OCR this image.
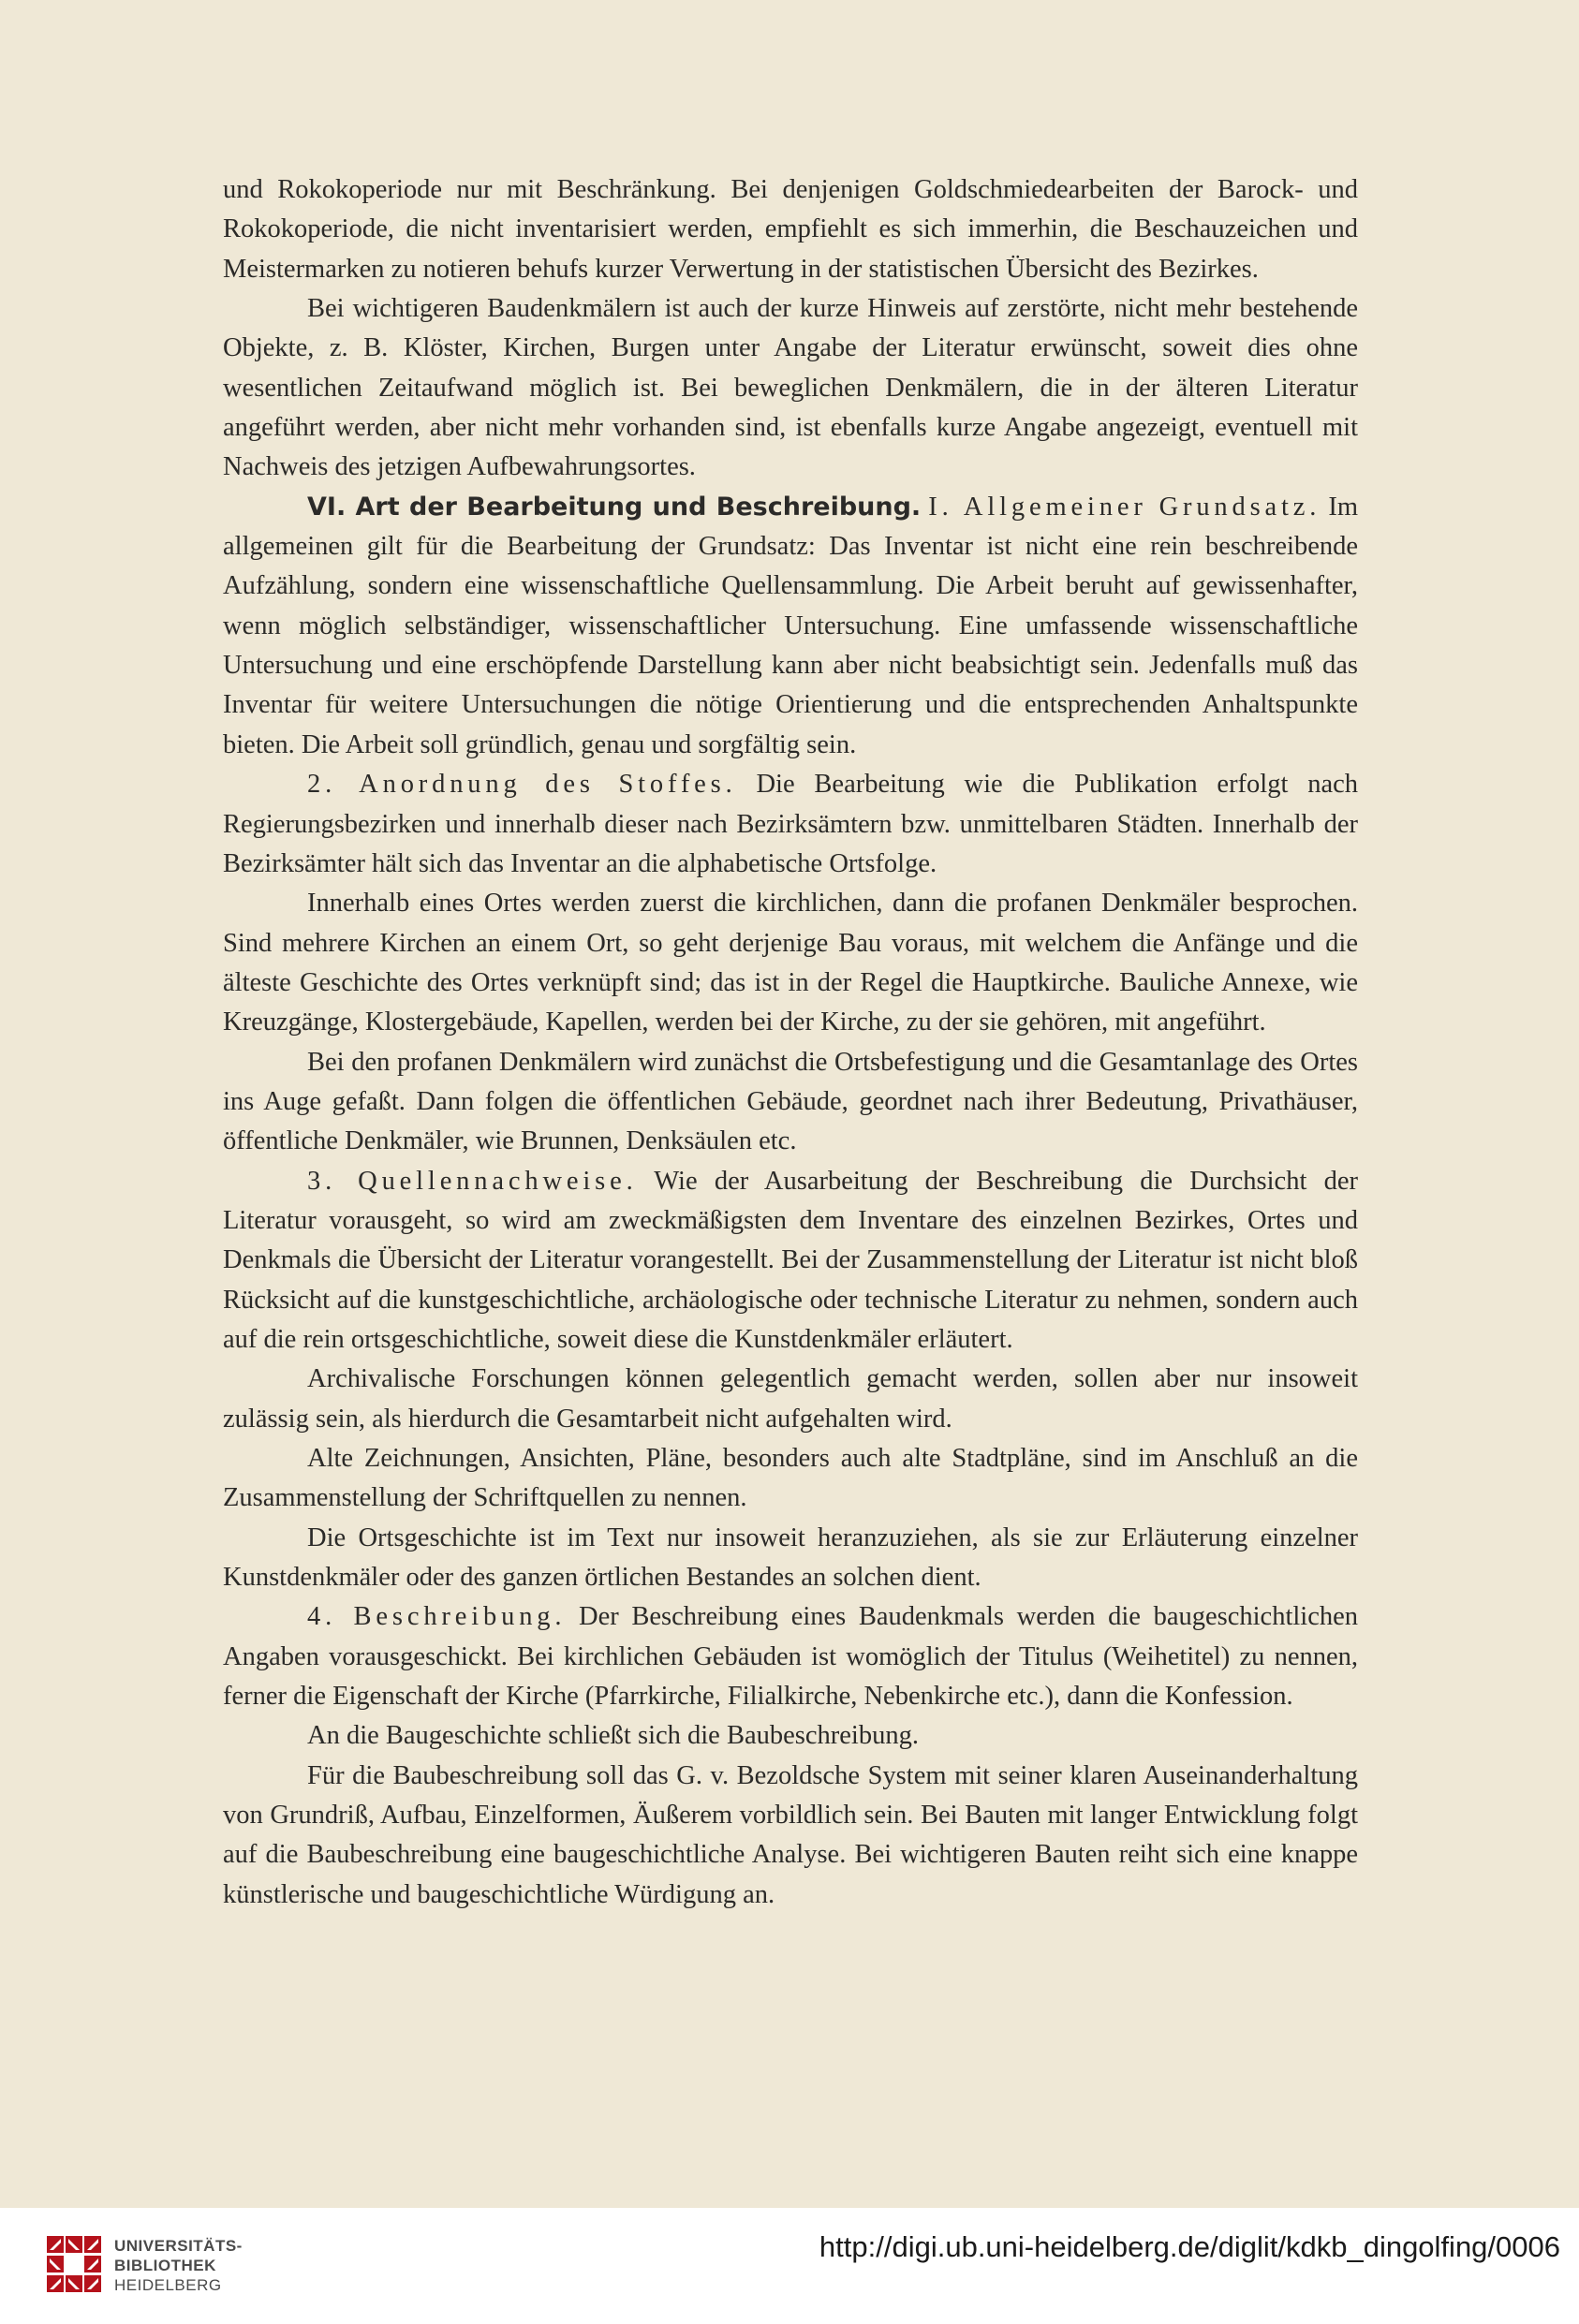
und Rokokoperiode nur mit Beschränkung. Bei denjenigen Goldschmiedearbeiten der Barock- und Rokokoperiode, die nicht inventarisiert werden, empfiehlt es sich immerhin, die Beschauzeichen und Meistermarken zu notieren behufs kurzer Verwertung in der statistischen Übersicht des Bezirkes.

Bei wichtigeren Baudenkmälern ist auch der kurze Hinweis auf zerstörte, nicht mehr bestehende Objekte, z. B. Klöster, Kirchen, Burgen unter Angabe der Literatur erwünscht, soweit dies ohne wesentlichen Zeitaufwand möglich ist. Bei beweglichen Denkmälern, die in der älteren Literatur angeführt werden, aber nicht mehr vorhanden sind, ist ebenfalls kurze Angabe angezeigt, eventuell mit Nachweis des jetzigen Aufbewahrungsortes.

VI. Art der Bearbeitung und Beschreibung. I. Allgemeiner Grundsatz. Im allgemeinen gilt für die Bearbeitung der Grundsatz: Das Inventar ist nicht eine rein beschreibende Aufzählung, sondern eine wissenschaftliche Quellensammlung. Die Arbeit beruht auf gewissenhafter, wenn möglich selbständiger, wissenschaftlicher Untersuchung. Eine umfassende wissenschaftliche Untersuchung und eine erschöpfende Darstellung kann aber nicht beabsichtigt sein. Jedenfalls muß das Inventar für weitere Untersuchungen die nötige Orientierung und die entsprechenden Anhaltspunkte bieten. Die Arbeit soll gründlich, genau und sorgfältig sein.

2. Anordnung des Stoffes. Die Bearbeitung wie die Publikation erfolgt nach Regierungsbezirken und innerhalb dieser nach Bezirksämtern bzw. unmittelbaren Städten. Innerhalb der Bezirksämter hält sich das Inventar an die alphabetische Ortsfolge.

Innerhalb eines Ortes werden zuerst die kirchlichen, dann die profanen Denkmäler besprochen. Sind mehrere Kirchen an einem Ort, so geht derjenige Bau voraus, mit welchem die Anfänge und die älteste Geschichte des Ortes verknüpft sind; das ist in der Regel die Hauptkirche. Bauliche Annexe, wie Kreuzgänge, Klostergebäude, Kapellen, werden bei der Kirche, zu der sie gehören, mit angeführt.

Bei den profanen Denkmälern wird zunächst die Ortsbefestigung und die Gesamtanlage des Ortes ins Auge gefaßt. Dann folgen die öffentlichen Gebäude, geordnet nach ihrer Bedeutung, Privathäuser, öffentliche Denkmäler, wie Brunnen, Denksäulen etc.

3. Quellennachweise. Wie der Ausarbeitung der Beschreibung die Durchsicht der Literatur vorausgeht, so wird am zweckmäßigsten dem Inventare des einzelnen Bezirkes, Ortes und Denkmals die Übersicht der Literatur vorangestellt. Bei der Zusammenstellung der Literatur ist nicht bloß Rücksicht auf die kunstgeschichtliche, archäologische oder technische Literatur zu nehmen, sondern auch auf die rein ortsgeschichtliche, soweit diese die Kunstdenkmäler erläutert.

Archivalische Forschungen können gelegentlich gemacht werden, sollen aber nur insoweit zulässig sein, als hierdurch die Gesamtarbeit nicht aufgehalten wird.

Alte Zeichnungen, Ansichten, Pläne, besonders auch alte Stadtpläne, sind im Anschluß an die Zusammenstellung der Schriftquellen zu nennen.

Die Ortsgeschichte ist im Text nur insoweit heranzuziehen, als sie zur Erläuterung einzelner Kunstdenkmäler oder des ganzen örtlichen Bestandes an solchen dient.

4. Beschreibung. Der Beschreibung eines Baudenkmals werden die baugeschichtlichen Angaben vorausgeschickt. Bei kirchlichen Gebäuden ist womöglich der Titulus (Weihetitel) zu nennen, ferner die Eigenschaft der Kirche (Pfarrkirche, Filialkirche, Nebenkirche etc.), dann die Konfession.

An die Baugeschichte schließt sich die Baubeschreibung.

Für die Baubeschreibung soll das G. v. Bezoldsche System mit seiner klaren Auseinanderhaltung von Grundriß, Aufbau, Einzelformen, Äußerem vorbildlich sein. Bei Bauten mit langer Entwicklung folgt auf die Baubeschreibung eine baugeschichtliche Analyse. Bei wichtigeren Bauten reiht sich eine knappe künstlerische und baugeschichtliche Würdigung an.

UNIVERSITÄTS-
BIBLIOTHEK
HEIDELBERG
http://digi.ub.uni-heidelberg.de/diglit/kdkb_dingolfing/0006
